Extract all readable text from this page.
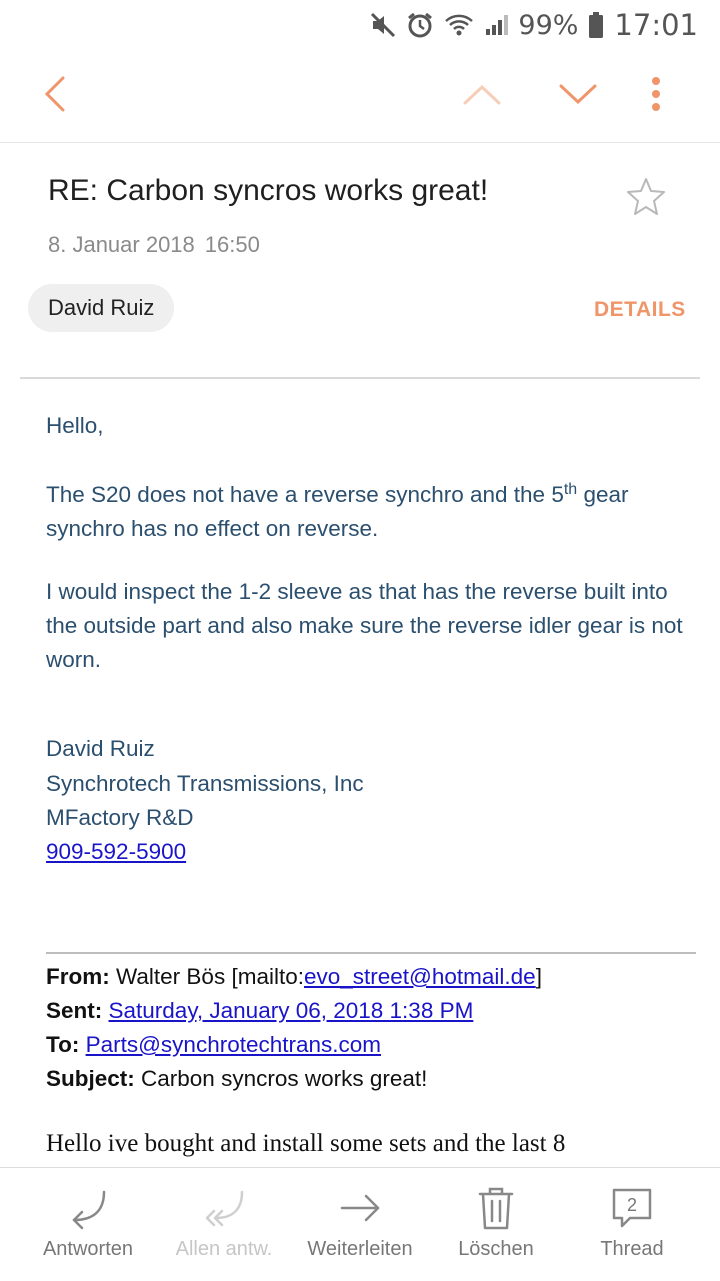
99% 17:01
RE: Carbon syncros works great!
8. Januar 2018 16:50
David Ruiz	DETAILS
Hello,
The S20 does not have a reverse synchro and the 5th gear synchro has no effect on reverse.
I would inspect the 1-2 sleeve as that has the reverse built into the outside part and also make sure the reverse idler gear is not worn.
David Ruiz
Synchrotech Transmissions, Inc
MFactory R&D
909-592-5900
From: Walter Bös [mailto:evo_street@hotmail.de]
Sent: Saturday, January 06, 2018 1:38 PM
To: Parts@synchrotechtrans.com
Subject: Carbon syncros works great!
Hello ive bought and install some sets and the last 8
Antworten	Allen antw.	Weiterleiten	Löschen
2
Thread
